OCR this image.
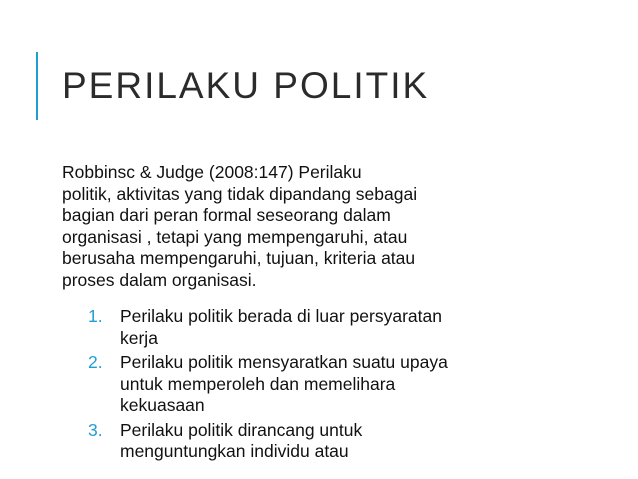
PERILAKU POLITIK
Robbinsc & Judge (2008:147) Perilaku
politik, aktivitas yang tidak dipandang sebagai
bagian dari peran formal seseorang dalam
organisasi , tetapi yang mempengaruhi, atau
berusaha mempengaruhi, tujuan, kriteria atau
proses dalam organisasi.
1. Perilaku politik berada di luar persyaratan
kerja
2. Perilaku politik mensyaratkan suatu upaya
untuk memperoleh dan memelihara
kekuasaan
3. Perilaku politik dirancang untuk
menguntungkan individu atau
